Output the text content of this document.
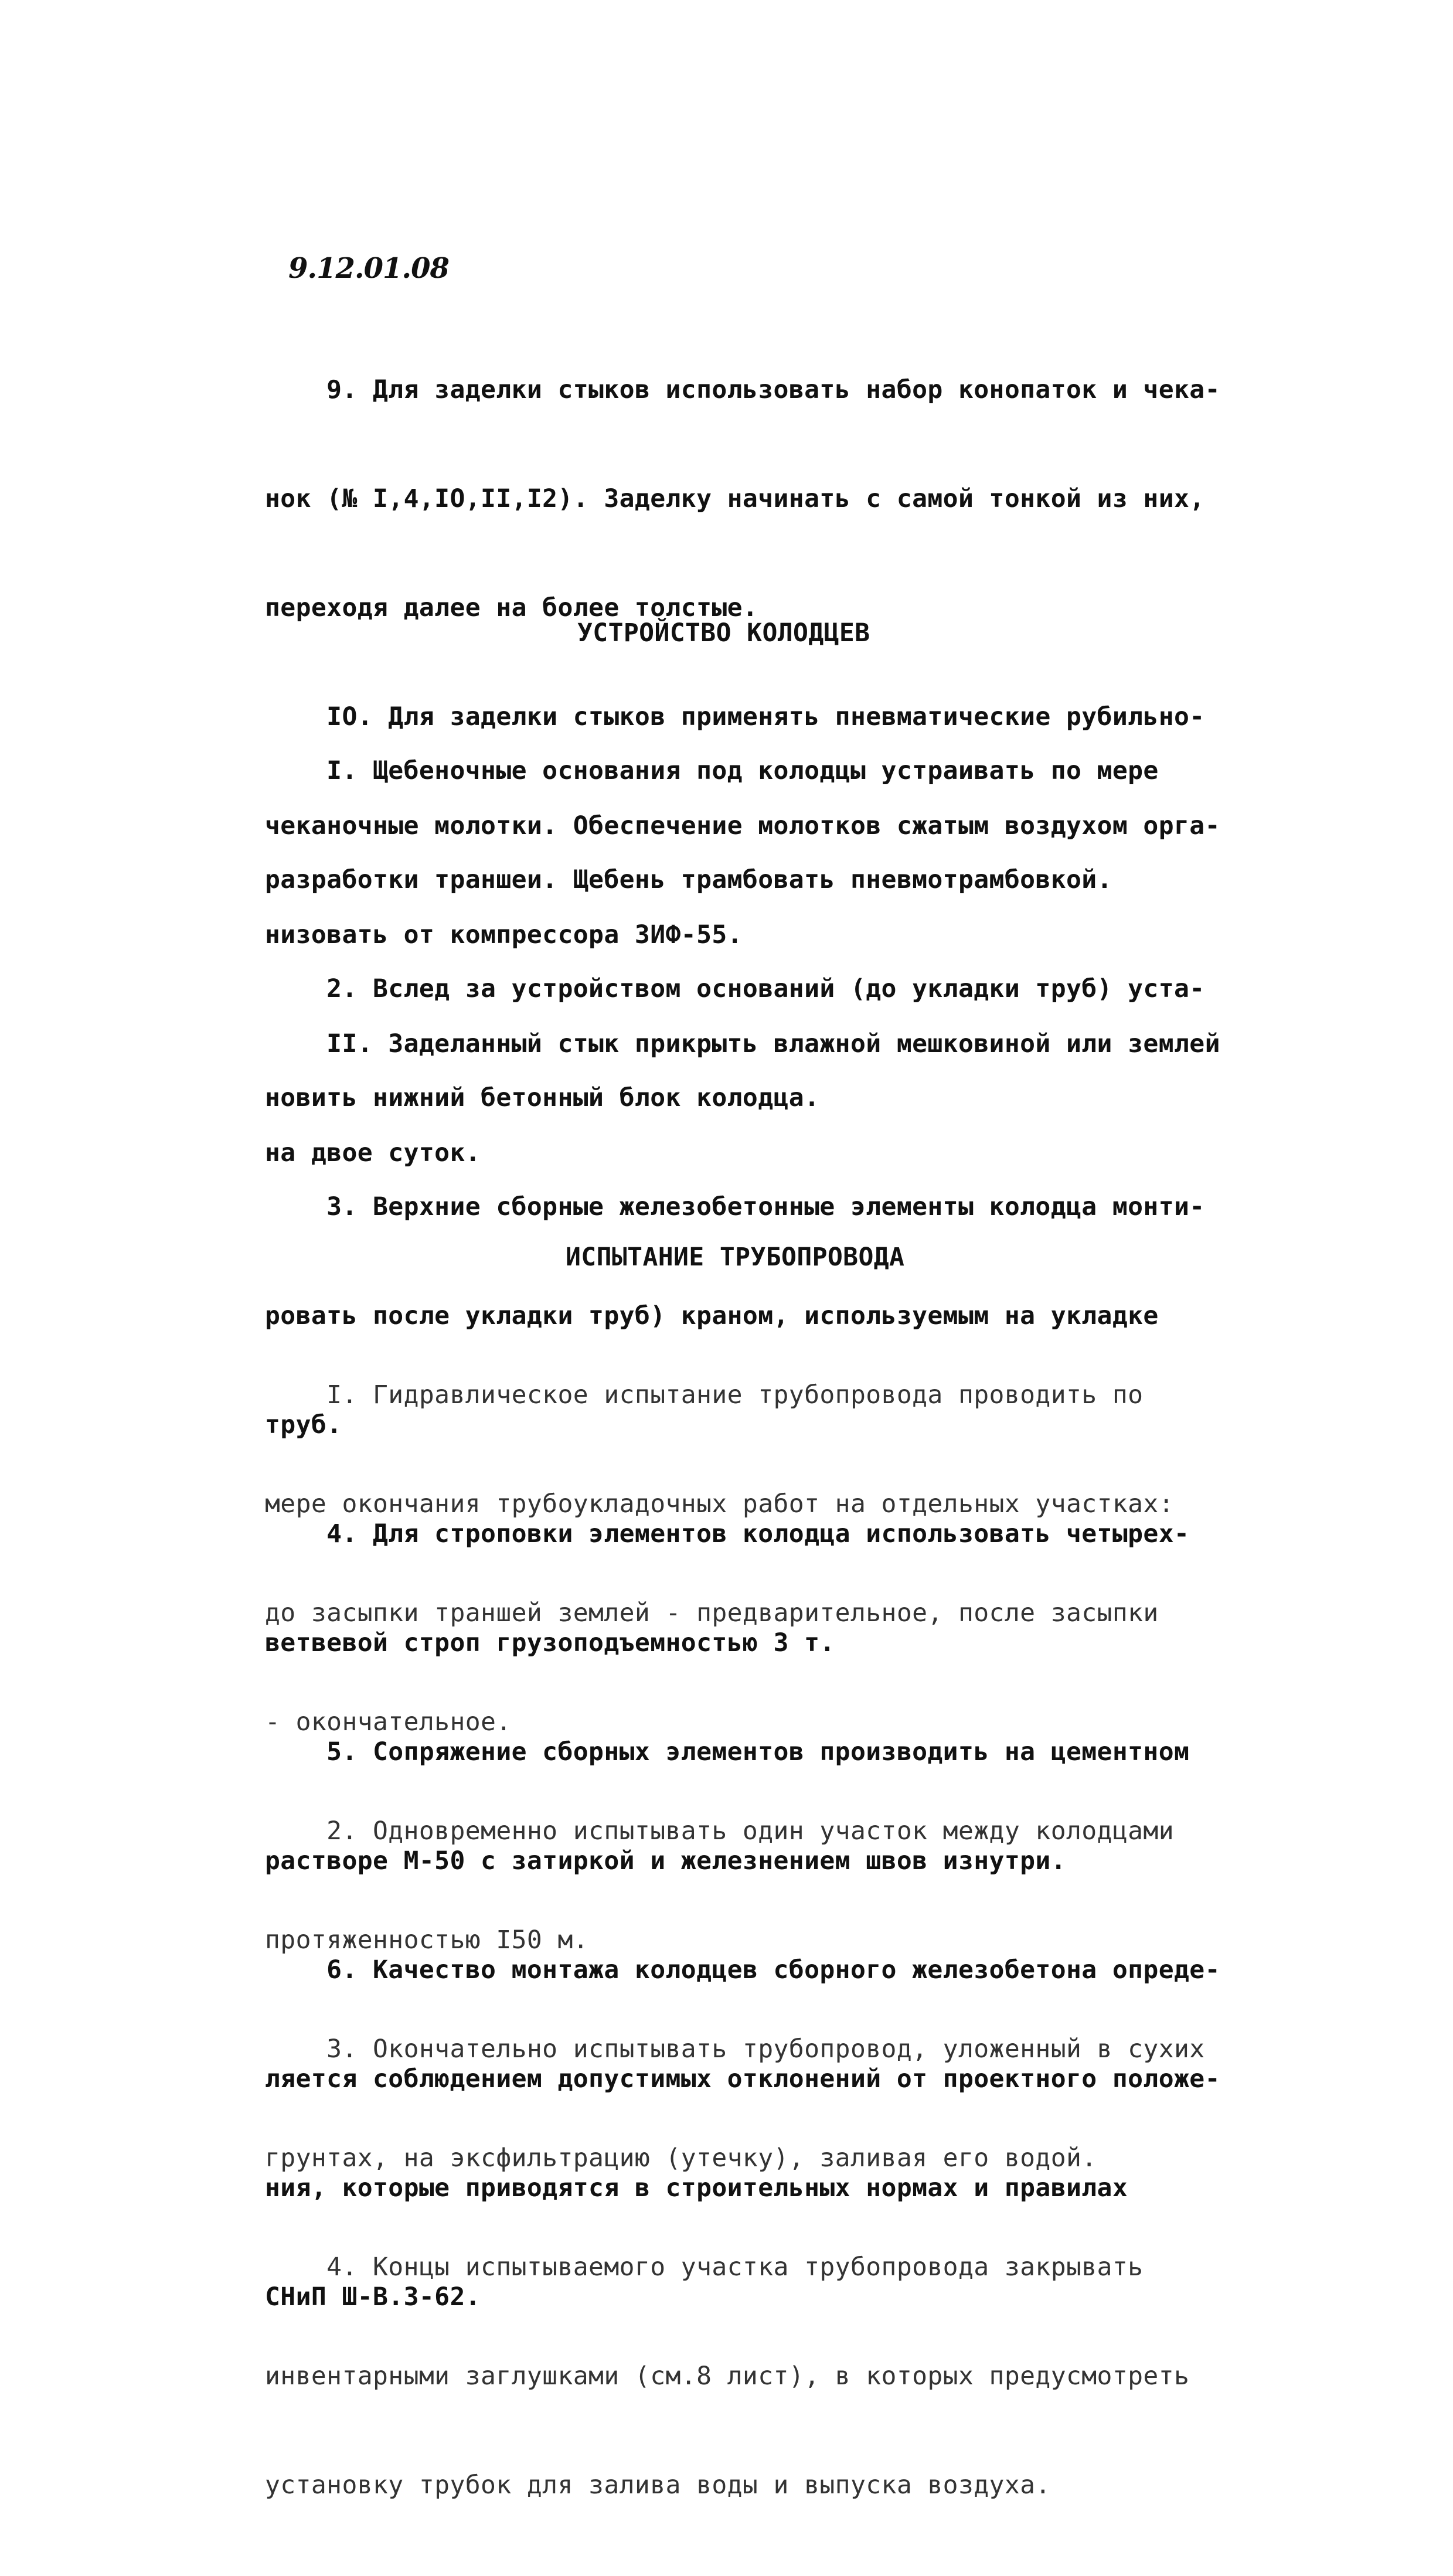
9.12.01.08

9. Для заделки стыков использовать набор конопаток и чека-

нок (№ I,4,IO,II,I2). Заделку начинать с самой тонкой из них,

переходя далее на более толстые.

IO. Для заделки стыков применять пневматические рубильно-

чеканочные молотки. Обеспечение молотков сжатым воздухом орга-

низовать от компрессора ЗИФ-55.

II. Заделанный стык прикрыть влажной мешковиной или землей

на двое суток.

УСТРОЙСТВО КОЛОДЦЕВ

I. Щебеночные основания под колодцы устраивать по мере

разработки траншеи. Щебень трамбовать пневмотрамбовкой.

2. Вслед за устройством оснований (до укладки труб) уста-

новить нижний бетонный блок колодца.

3. Верхние сборные железобетонные элементы колодца монти-

ровать после укладки труб) краном, используемым на укладке

труб.

4. Для строповки элементов колодца использовать четырех-

ветвевой строп грузоподъемностью 3 т.

5. Сопряжение сборных элементов производить на цементном

растворе М-50 с затиркой и железнением швов изнутри.

6. Качество монтажа колодцев сборного железобетона опреде-

ляется соблюдением допустимых отклонений от проектного положе-

ния, которые приводятся в строительных нормах и правилах

СНиП Ш-В.3-62.

ИСПЫТАНИЕ ТРУБОПРОВОДА

I. Гидравлическое испытание трубопровода проводить по

мере окончания трубоукладочных работ на отдельных участках:

до засыпки траншей землей - предварительное, после засыпки

- окончательное.

2. Одновременно испытывать один участок между колодцами

протяженностью I50 м.

3. Окончательно испытывать трубопровод, уложенный в сухих

грунтах, на эксфильтрацию (утечку), заливая его водой.

4. Концы испытываемого участка трубопровода закрывать

инвентарными заглушками (см.8 лист), в которых предусмотреть

установку трубок для залива воды и выпуска воздуха.
